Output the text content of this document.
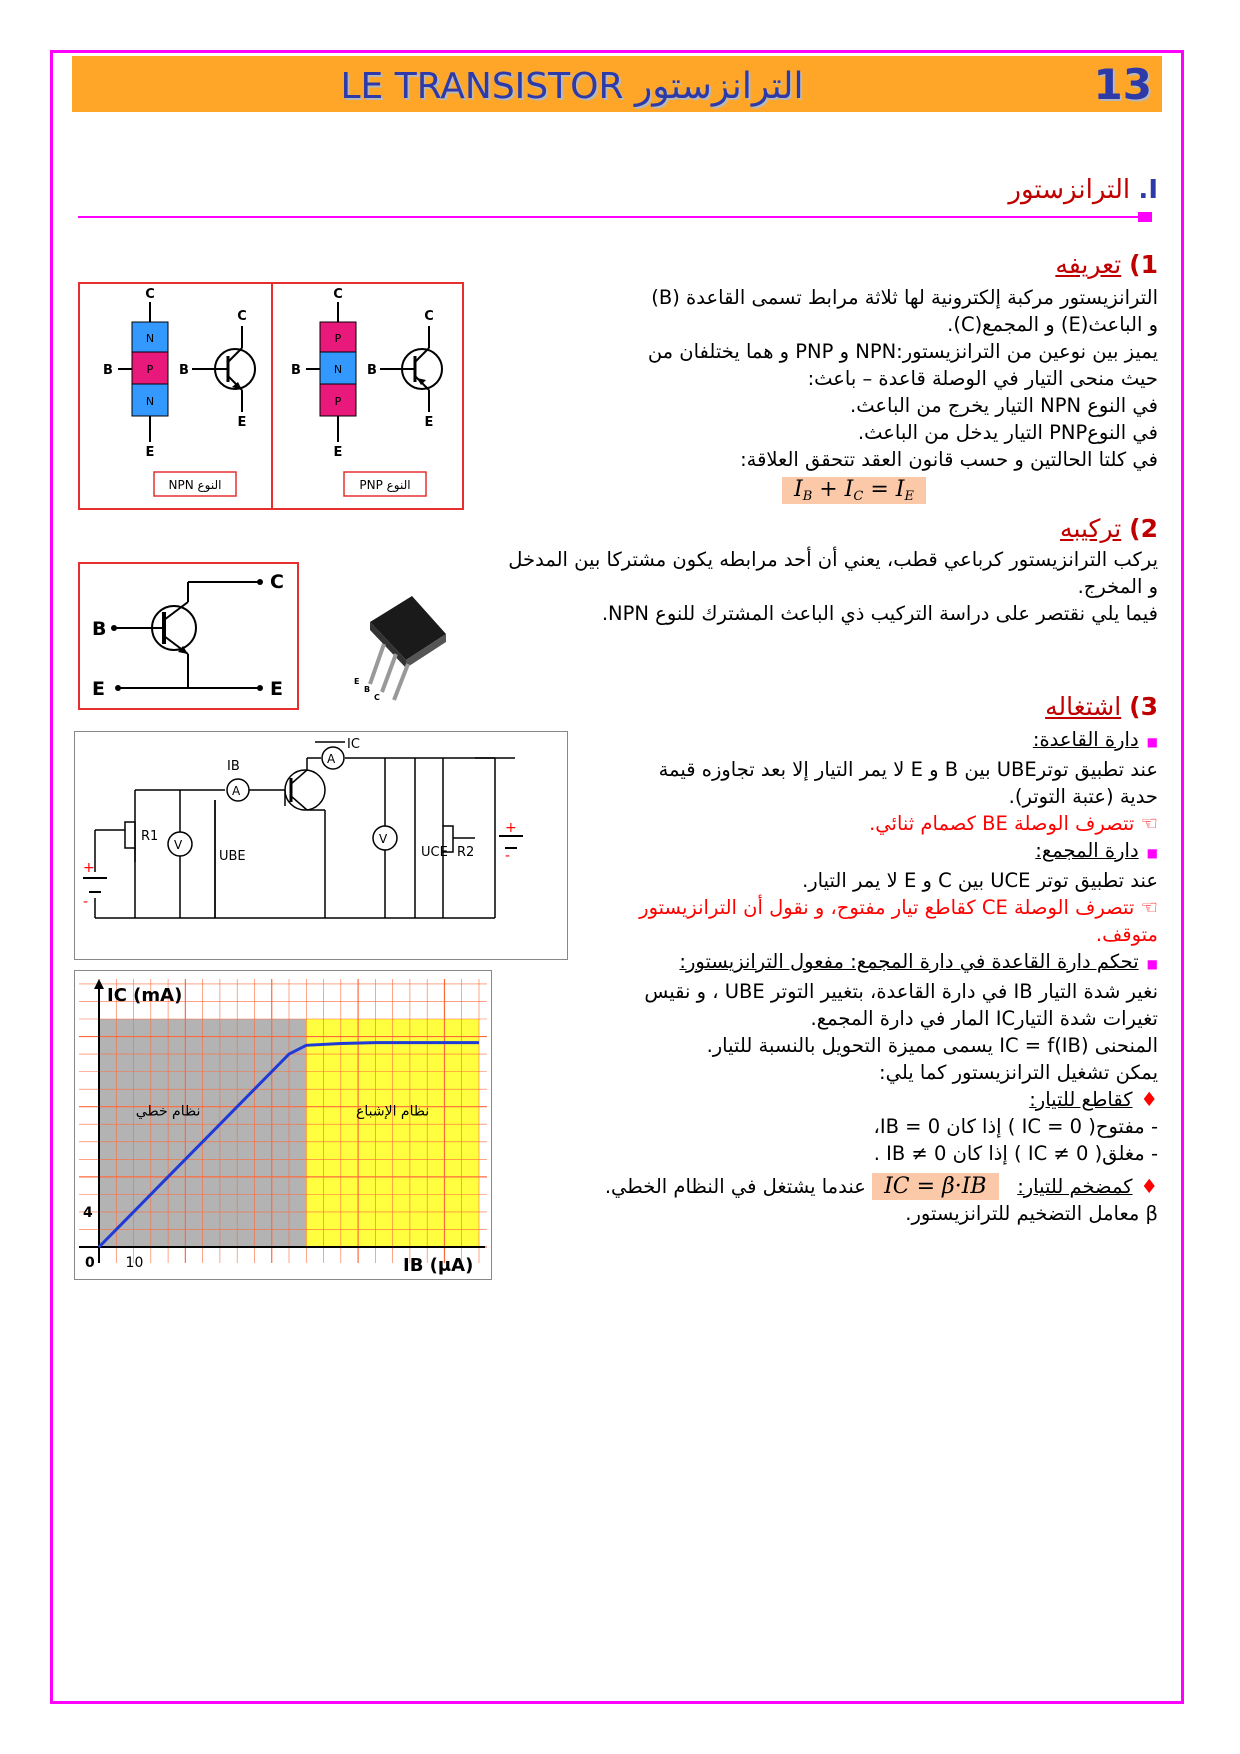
LE TRANSISTOR الترانزستور	13
I. الترانزستور
1) تعريفه

الترانزيستور مركبة إلكترونية لها ثلاثة مرابط تسمى القاعدة (B)

و الباعث(E) و المجمع(C).

يميز بين نوعين من الترانزيستور:NPN و PNP و هما يختلفان من

حيث منحى التيار في الوصلة قاعدة – باعث:

في النوع NPN التيار يخرج من الباعث.

في النوعPNP التيار يدخل من الباعث.

في كلتا الحالتين و حسب قانون العقد تتحقق العلاقة:

$I_B + I_C = I_E$
N
P
N
C
E
B
C
E
B
P
N
P
C
E
B
C
E
B
النوع NPN	النوع PNP
2) تركيبه

يركب الترانزيستور كرباعي قطب، يعني أن أحد مرابطه يكون مشتركا بين المدخل

و المخرج.

فيما يلي نقتصر على دراسة التركيب ذي الباعث المشترك للنوع NPN.

B
C
E	E	E
B
C	3) اشتغاله

■دارة القاعدة:

عند تطبيق توترUBE بين B و E لا يمر التيار إلا بعد تجاوزه قيمة

حدية (عتبة التوتر).

☜ تتصرف الوصلة BE كصمام ثنائي.

■دارة المجمع:

عند تطبيق توتر UCE بين C و E لا يمر التيار.

☜ تتصرف الوصلة CE كقاطع تيار مفتوح، و نقول أن الترانزيستور متوقف.

■تحكم دارة القاعدة في دارة المجمع: مفعول الترانزيستور:

نغير شدة التيار IB في دارة القاعدة، بتغيير التوتر UBE ، و نقيس

تغيرات شدة التيارIC المار في دارة المجمع.

المنحنى IC = f(IB) يسمى مميزة التحويل بالنسبة للتيار.

يمكن تشغيل الترانزيستور كما يلي:

♦كقاطع للتيار:

- مفتوح( IC = 0 ) إذا كان IB = 0،

- مغلق( IC ≠ 0 ) إذا كان IB ≠ 0 .

♦كمضخم للتيار:   IC = β·IB عندما يشتغل في النظام الخطي.

β معامل التضخيم للترانزيستور.

+
-
+
-
A
A
V	V
IB
IC
R1
R2
UBE	UCE
IC (mA)
IB (μA)
0 10
4
نظام خطي	نظام الإشباع
